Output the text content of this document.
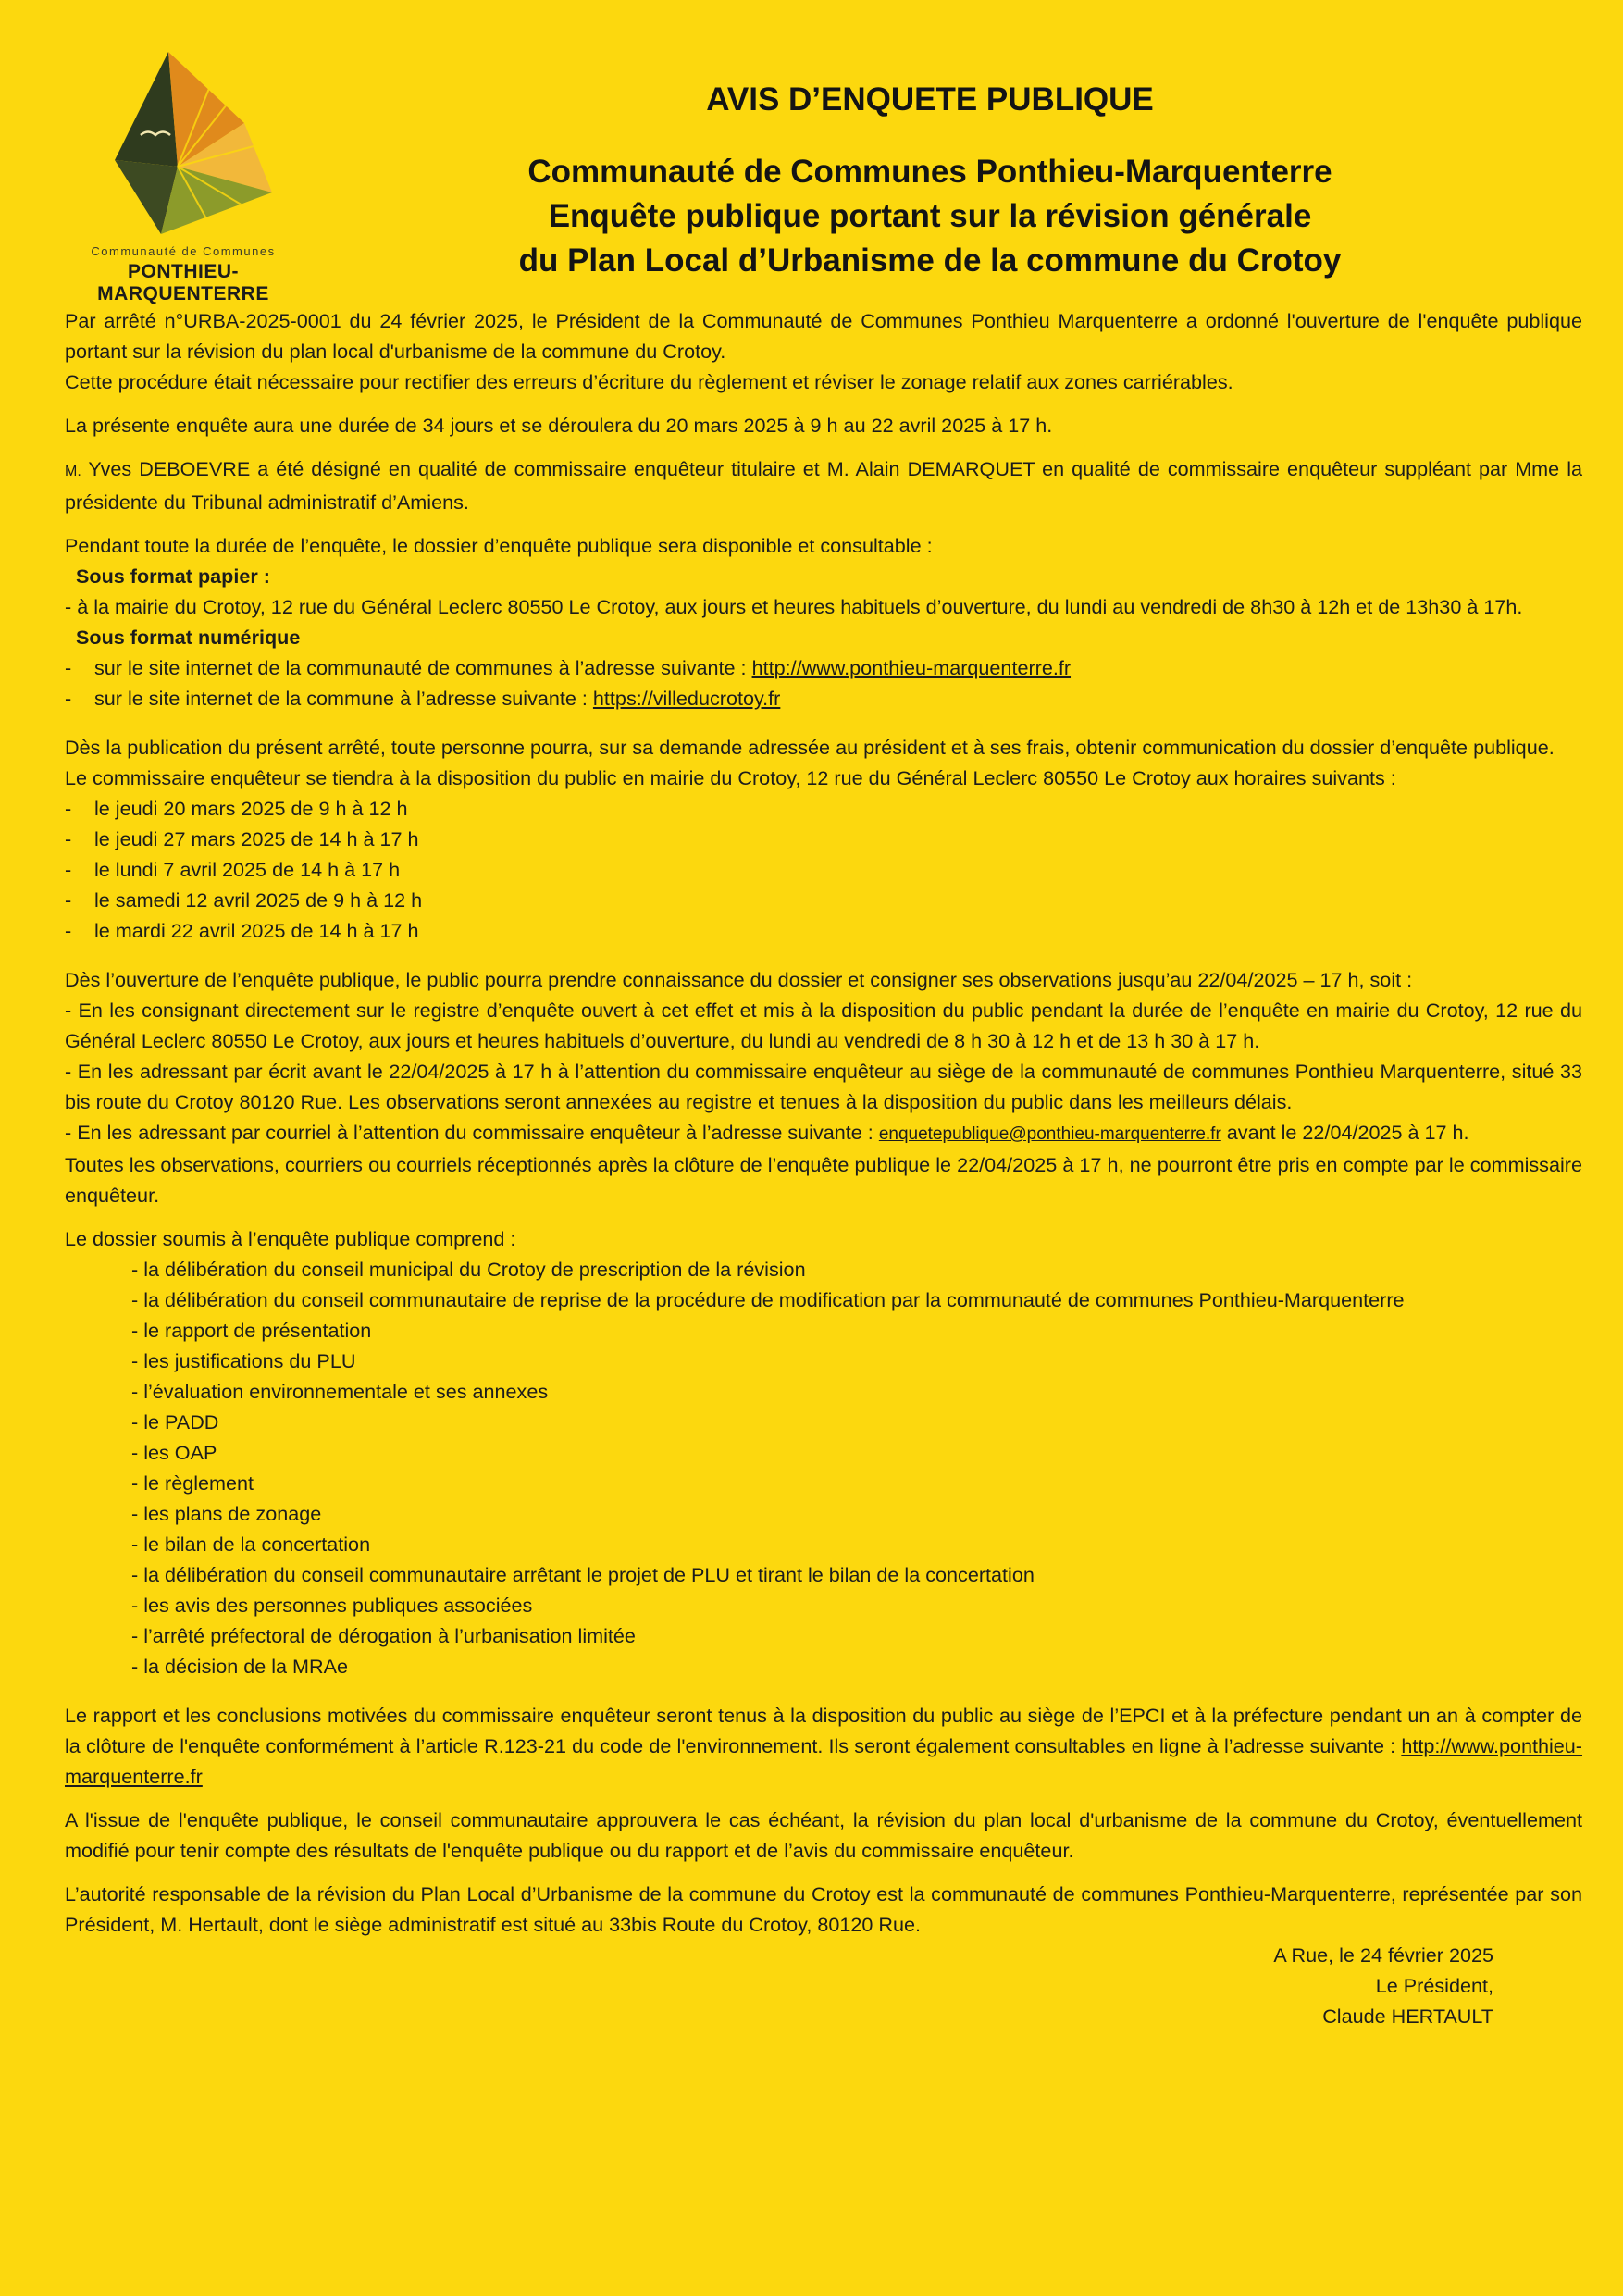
Communauté de Communes
PONTHIEU-MARQUENTERRE
AVIS D’ENQUETE PUBLIQUE
Communauté de Communes Ponthieu-Marquenterre
Enquête publique portant sur la révision générale
du Plan Local d’Urbanisme de la commune du Crotoy

Par arrêté n°URBA-2025-0001 du 24 février 2025, le Président de la Communauté de Communes Ponthieu Marquenterre a ordonné l'ouverture de l'enquête publique portant sur la révision du plan local d'urbanisme de la commune du Crotoy.

Cette procédure était nécessaire pour rectifier des erreurs d’écriture du règlement et réviser le zonage relatif aux zones carriérables.

La présente enquête aura une durée de 34 jours et se déroulera du 20 mars 2025 à 9 h au 22 avril 2025 à 17 h.

M. Yves DEBOEVRE a été désigné en qualité de commissaire enquêteur titulaire et M. Alain DEMARQUET en qualité de commissaire enquêteur suppléant par Mme la présidente du Tribunal administratif d’Amiens.

Pendant toute la durée de l’enquête, le dossier d’enquête publique sera disponible et consultable :

Sous format papier :

- à la mairie du Crotoy, 12 rue du Général Leclerc 80550 Le Crotoy, aux jours et heures habituels d’ouverture, du lundi au vendredi de 8h30 à 12h et de 13h30 à 17h.

Sous format numérique

-	sur le site internet de la communauté de communes à l’adresse suivante : http://www.ponthieu-marquenterre.fr

-	sur le site internet de la commune à l’adresse suivante : https://villeducrotoy.fr

Dès la publication du présent arrêté, toute personne pourra, sur sa demande adressée au président et à ses frais, obtenir communication du dossier d’enquête publique.

Le commissaire enquêteur se tiendra à la disposition du public en mairie du Crotoy, 12 rue du Général Leclerc 80550 Le Crotoy aux horaires suivants :

-	le jeudi 20 mars 2025 de 9 h à 12 h

-	le jeudi 27 mars 2025 de 14 h à 17 h

-	le lundi 7 avril 2025 de 14 h à 17 h

-	le samedi 12 avril 2025 de 9 h à 12 h

-	le mardi 22 avril 2025 de 14 h à 17 h

Dès l’ouverture de l’enquête publique, le public pourra prendre connaissance du dossier et consigner ses observations jusqu’au 22/04/2025 – 17 h, soit :

- En les consignant directement sur le registre d’enquête ouvert à cet effet et mis à la disposition du public pendant la durée de l’enquête en mairie du Crotoy, 12 rue du Général Leclerc 80550 Le Crotoy, aux jours et heures habituels d’ouverture, du lundi au vendredi de 8 h 30 à 12 h et de 13 h 30 à 17 h.

- En les adressant par écrit avant le 22/04/2025 à 17 h à l’attention du commissaire enquêteur au siège de la communauté de communes Ponthieu Marquenterre, situé 33 bis route du Crotoy 80120 Rue. Les observations seront annexées au registre et tenues à la disposition du public dans les meilleurs délais.

- En les adressant par courriel à l’attention du commissaire enquêteur à l’adresse suivante : enquetepublique@ponthieu-marquenterre.fr avant le 22/04/2025 à 17 h.

Toutes les observations, courriers ou courriels réceptionnés après la clôture de l’enquête publique le 22/04/2025 à 17 h, ne pourront être pris en compte par le commissaire enquêteur.

Le dossier soumis à l’enquête publique comprend :

- la délibération du conseil municipal du Crotoy de prescription de la révision

- la délibération du conseil communautaire de reprise de la procédure de modification par la communauté de communes Ponthieu-Marquenterre

- le rapport de présentation

- les justifications du PLU

- l’évaluation environnementale et ses annexes

- le PADD

- les OAP

- le règlement

- les plans de zonage

- le bilan de la concertation

- la délibération du conseil communautaire arrêtant le projet de PLU et tirant le bilan de la concertation

- les avis des personnes publiques associées

- l’arrêté préfectoral de dérogation à l’urbanisation limitée

- la décision de la MRAe

Le rapport et les conclusions motivées du commissaire enquêteur seront tenus à la disposition du public au siège de l’EPCI et à la préfecture pendant un an à compter de la clôture de l'enquête conformément à l’article R.123-21 du code de l'environnement. Ils seront également consultables en ligne à l’adresse suivante : http://www.ponthieu-marquenterre.fr

A l'issue de l'enquête publique, le conseil communautaire approuvera le cas échéant, la révision du plan local d'urbanisme de la commune du Crotoy, éventuellement modifié pour tenir compte des résultats de l'enquête publique ou du rapport et de l’avis du commissaire enquêteur.

L’autorité responsable de la révision du Plan Local d’Urbanisme de la commune du Crotoy est la communauté de communes Ponthieu-Marquenterre, représentée par son Président, M. Hertault, dont le siège administratif est situé au 33bis Route du Crotoy, 80120 Rue.

A Rue, le 24 février 2025

Le Président,

Claude HERTAULT
